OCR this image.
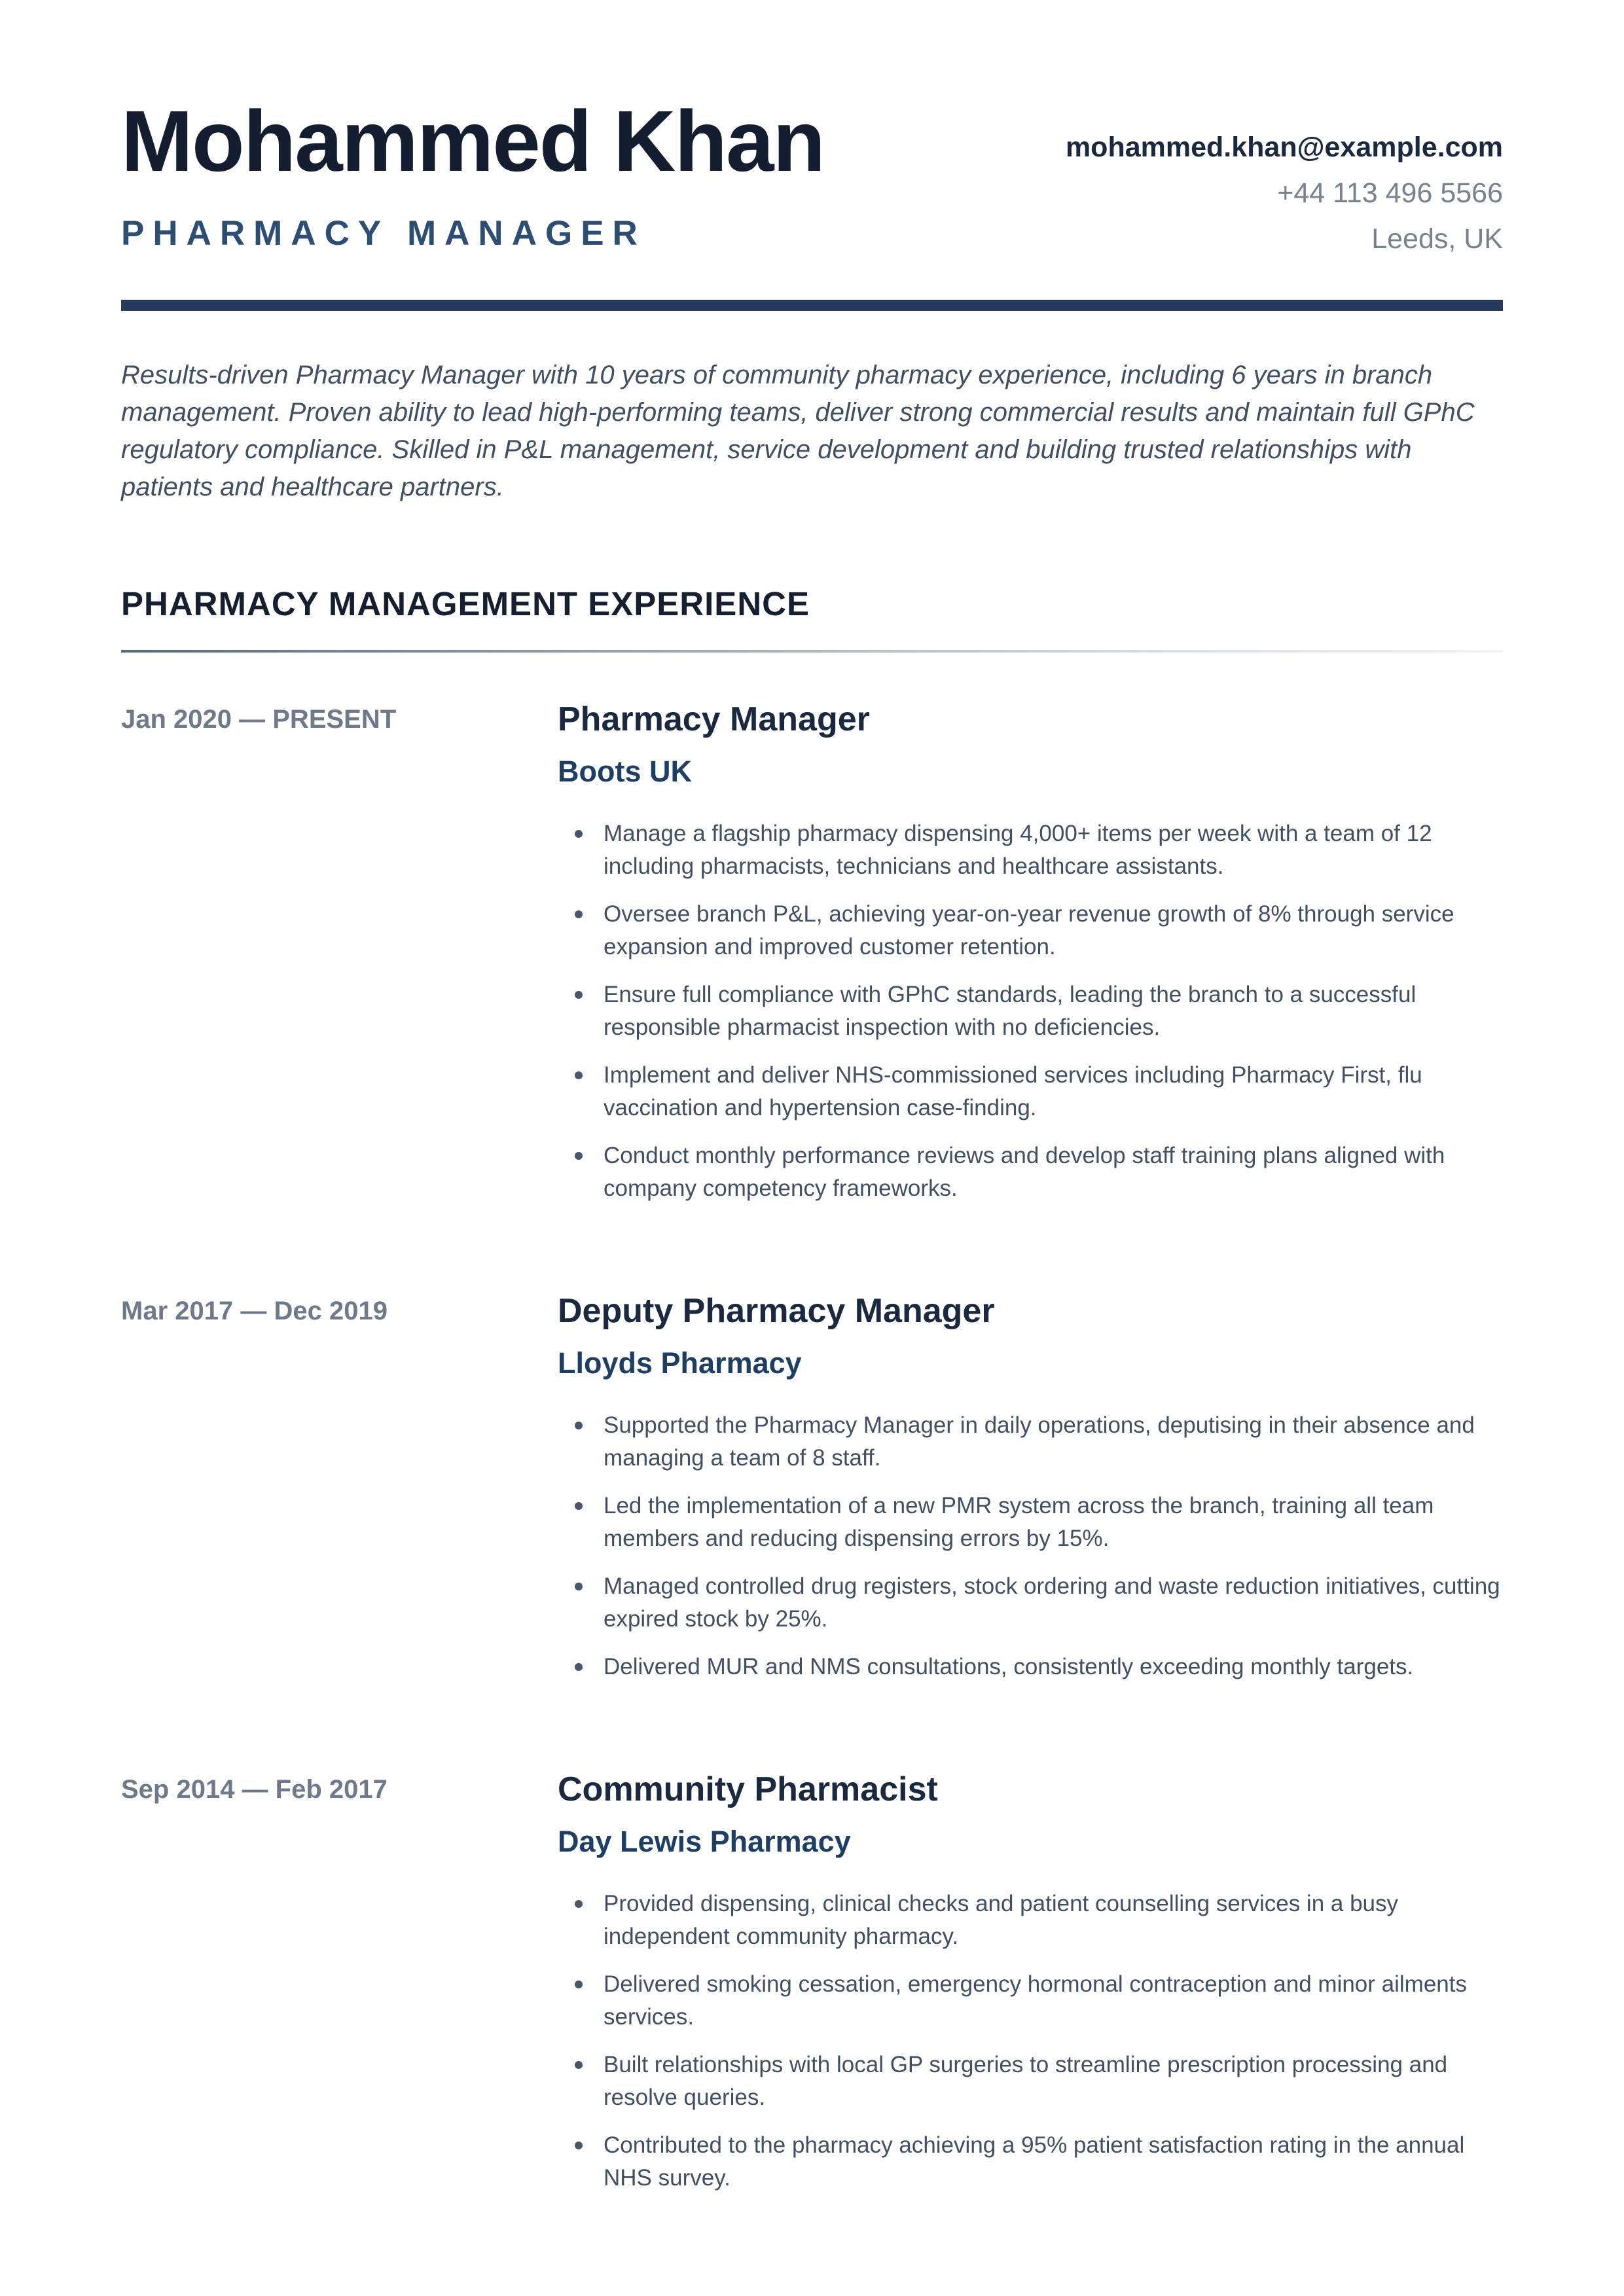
Mohammed Khan
PHARMACY MANAGER
mohammed.khan@example.com
+44 113 496 5566
Leeds, UK

Results-driven Pharmacy Manager with 10 years of community pharmacy experience, including 6 years in branch management. Proven ability to lead high-performing teams, deliver strong commercial results and maintain full GPhC regulatory compliance. Skilled in P&L management, service development and building trusted relationships with patients and healthcare partners.

PHARMACY MANAGEMENT EXPERIENCE
Jan 2020 — PRESENT	Pharmacy Manager
Boots UK
Manage a flagship pharmacy dispensing 4,000+ items per week with a team of 12 including pharmacists, technicians and healthcare assistants.
Oversee branch P&L, achieving year-on-year revenue growth of 8% through service expansion and improved customer retention.
Ensure full compliance with GPhC standards, leading the branch to a successful responsible pharmacist inspection with no deficiencies.
Implement and deliver NHS-commissioned services including Pharmacy First, flu vaccination and hypertension case-finding.
Conduct monthly performance reviews and develop staff training plans aligned with company competency frameworks.
Mar 2017 — Dec 2019	Deputy Pharmacy Manager
Lloyds Pharmacy
Supported the Pharmacy Manager in daily operations, deputising in their absence and managing a team of 8 staff.
Led the implementation of a new PMR system across the branch, training all team members and reducing dispensing errors by 15%.
Managed controlled drug registers, stock ordering and waste reduction initiatives, cutting expired stock by 25%.
Delivered MUR and NMS consultations, consistently exceeding monthly targets.
Sep 2014 — Feb 2017	Community Pharmacist
Day Lewis Pharmacy
Provided dispensing, clinical checks and patient counselling services in a busy independent community pharmacy.
Delivered smoking cessation, emergency hormonal contraception and minor ailments services.
Built relationships with local GP surgeries to streamline prescription processing and resolve queries.
Contributed to the pharmacy achieving a 95% patient satisfaction rating in the annual NHS survey.
